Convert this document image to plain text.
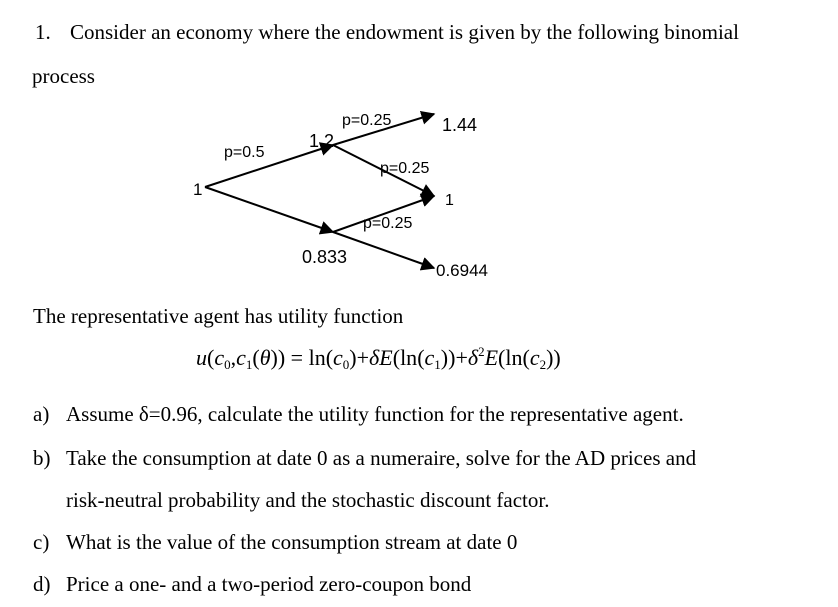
1. Consider an economy where the endowment is given by the following binomial
process
1
1.2
0.833
1.44
1
0.6944
p=0.5
p=0.25
p=0.25
p=0.25
The representative agent has utility function
$u(c_0,c_1(\theta)) = \ln(c_0)+\delta E(\ln(c_1))+\delta^2E(\ln(c_2))$
a) Assume δ=0.96, calculate the utility function for the representative agent.
b) Take the consumption at date 0 as a numeraire, solve for the AD prices and
risk-neutral probability and the stochastic discount factor.
c) What is the value of the consumption stream at date 0
d) Price a one- and a two-period zero-coupon bond
